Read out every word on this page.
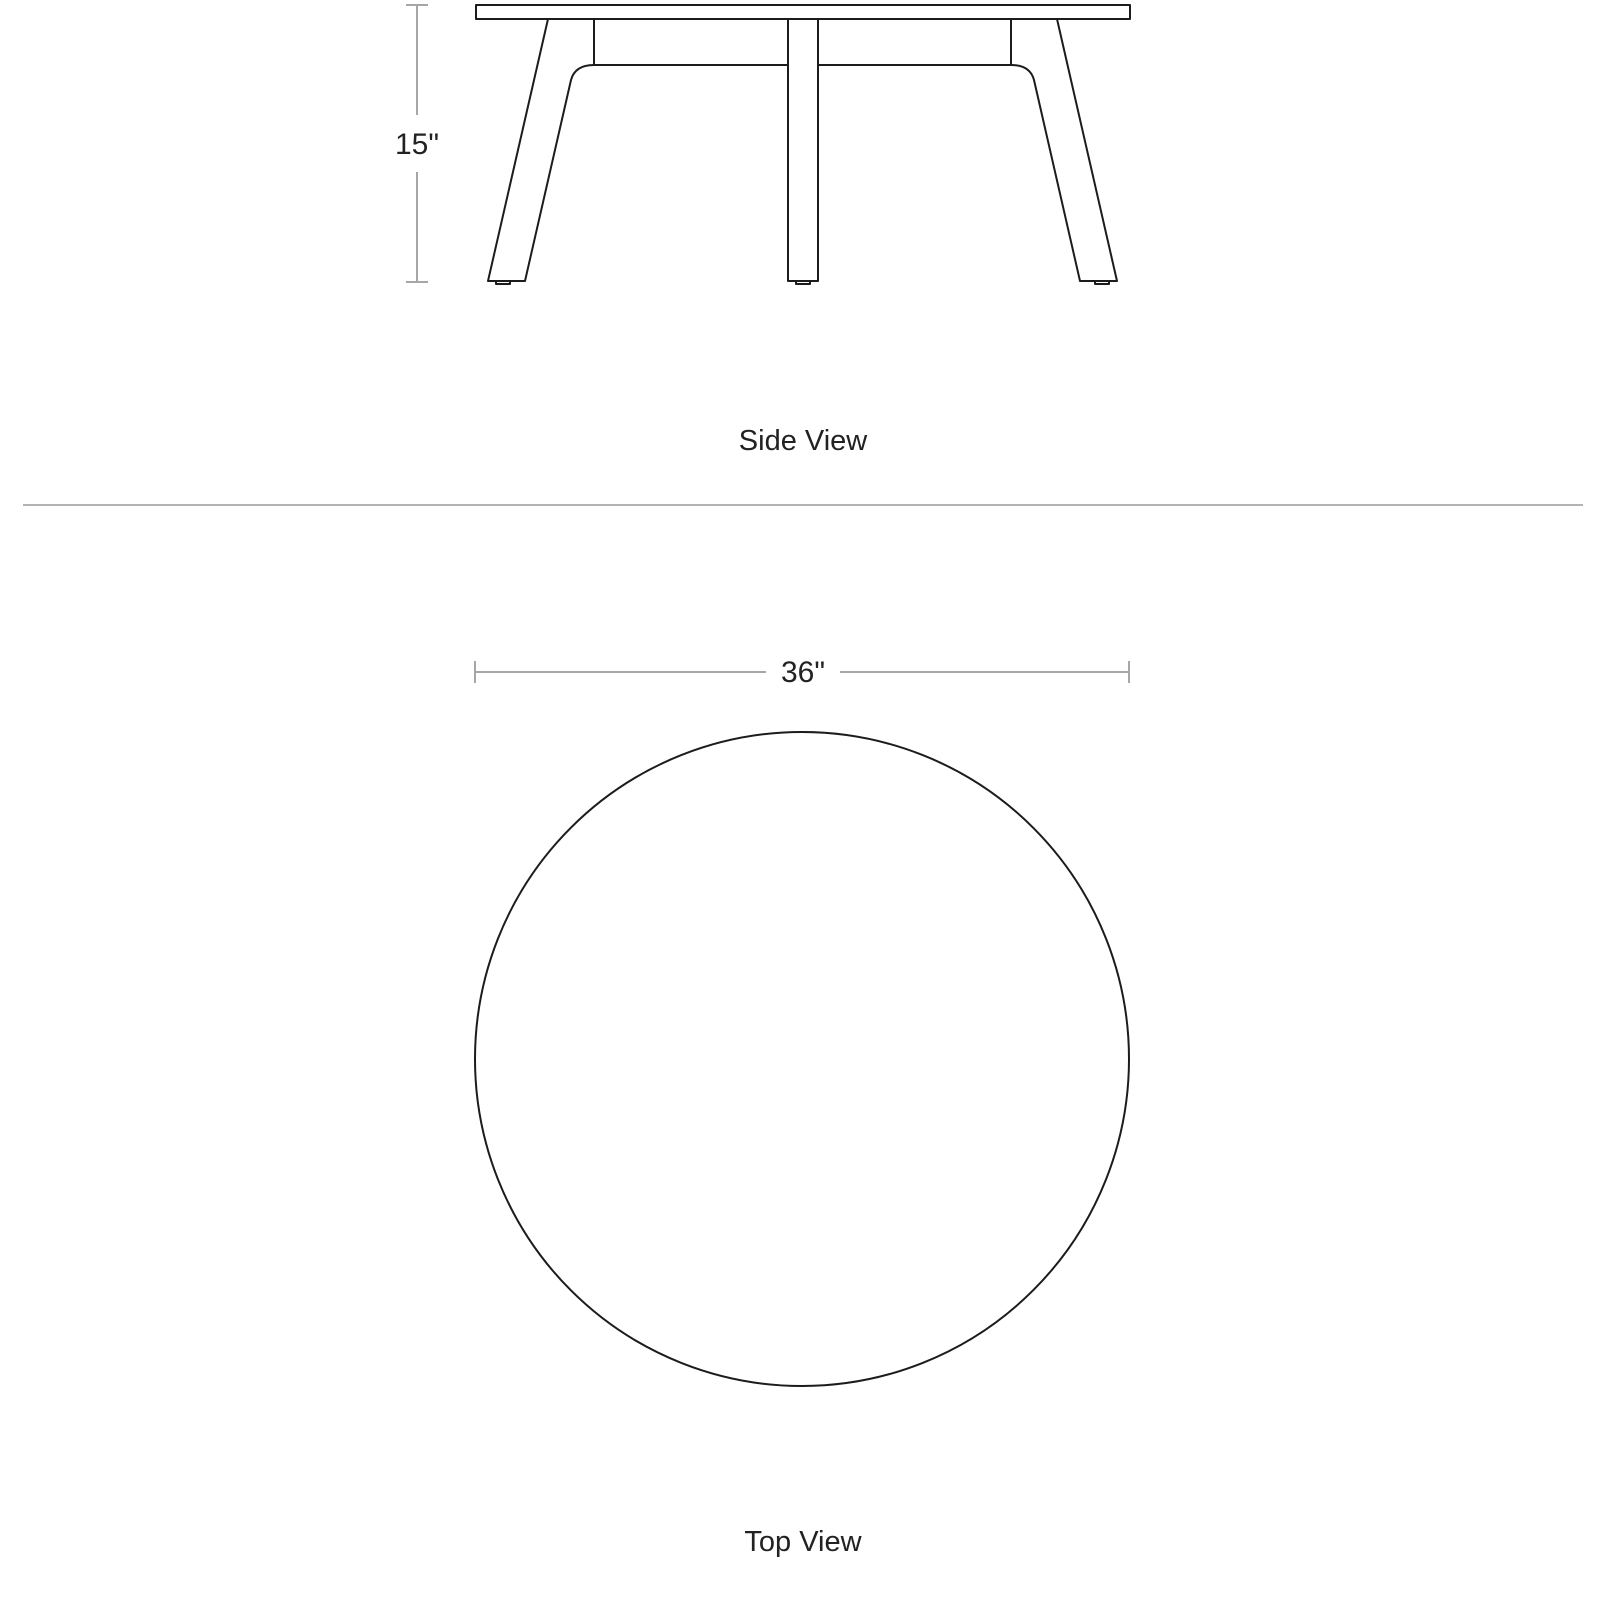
15"
Side View
36"
Top View
